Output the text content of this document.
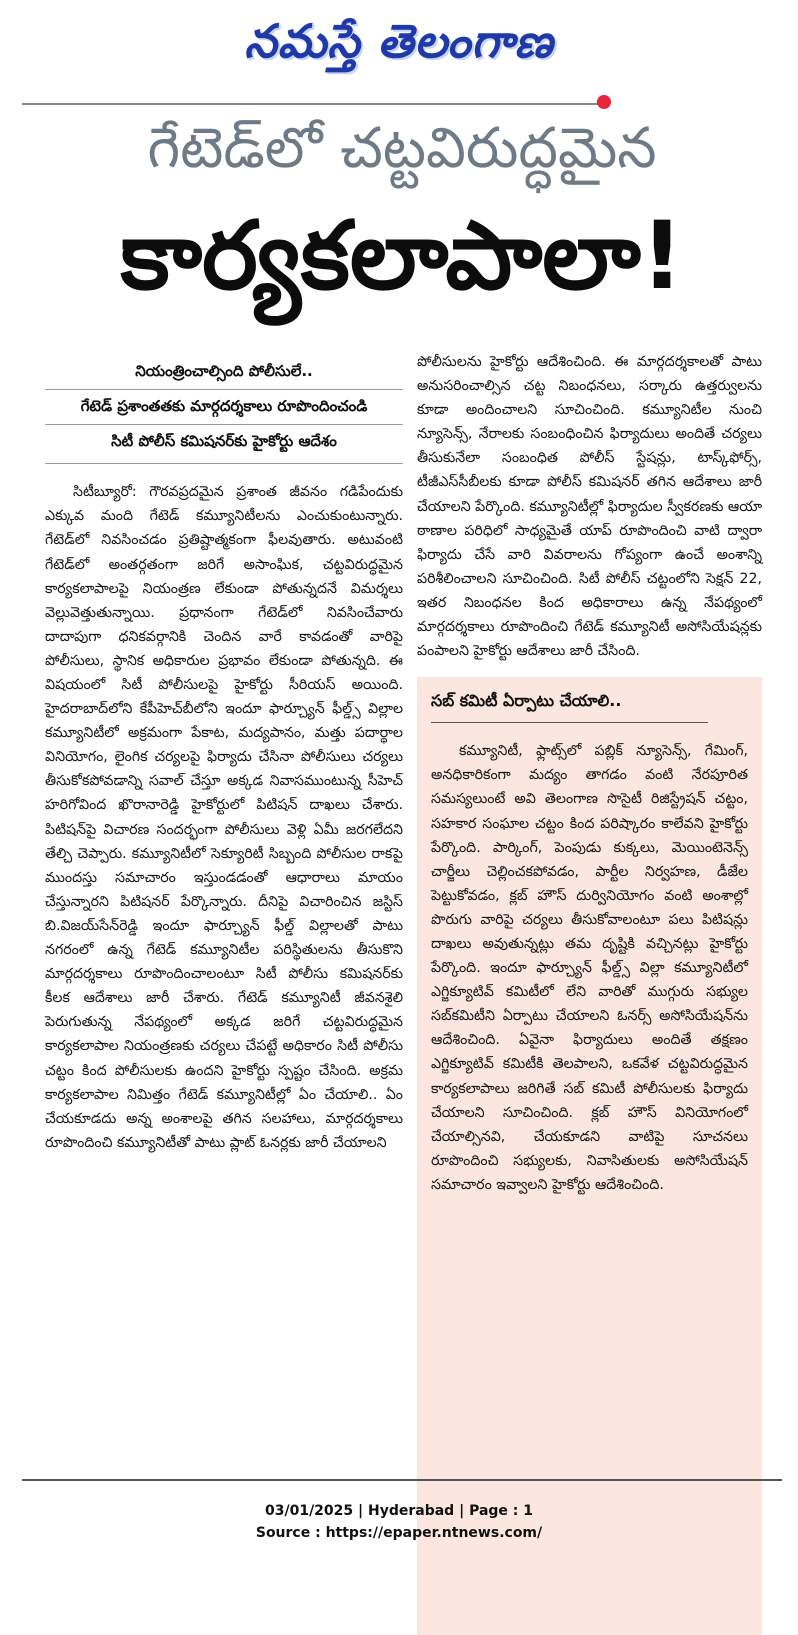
నమస్తే తెలంగాణ
గేటెడ్‌లో చట్టవిరుద్ధమైన
కార్యకలాపాలా!

నియంత్రించాల్సింది పోలీసులే..

గేటెడ్ ప్రశాంతతకు మార్గదర్శకాలు రూపొందించండి

సిటీ పోలీస్ కమిషనర్‌కు హైకోర్టు ఆదేశం

సిటీబ్యూరో: గౌరవప్రదమైన ప్రశాంత జీవనం గడిపేందుకు ఎక్కువ మంది గేటెడ్ కమ్యూనిటీలను ఎంచుకుంటున్నారు. గేటెడ్‌లో నివసించడం ప్రతిష్టాత్మకంగా ఫీలవుతారు. అటువంటి గేటెడ్‌లో అంతర్గతంగా జరిగే అసాంఘిక, చట్టవిరుద్ధమైన కార్యకలాపాలపై నియంత్రణ లేకుండా పోతున్నదనే విమర్శలు వెల్లువెత్తుతున్నాయి. ప్రధానంగా గేటెడ్‌లో నివసించేవారు దాదాపుగా ధనికవర్గానికి చెందిన వారే కావడంతో వారిపై పోలీసులు, స్థానిక అధికారుల ప్రభావం లేకుండా పోతున్నది. ఈ విషయంలో సిటీ పోలీసులపై హైకోర్టు సీరియస్ అయింది. హైదరాబాద్‌లోని కేపీహెచ్‌బీలోని ఇందూ ఫార్చ్యూన్ ఫీల్డ్స్ విల్లాల కమ్యూనిటీలో అక్రమంగా పేకాట, మద్యపానం, మత్తు పదార్థాల వినియోగం, లైంగిక చర్యలపై ఫిర్యాదు చేసినా పోలీసులు చర్యలు తీసుకోకపోవడాన్ని సవాల్ చేస్తూ అక్కడ నివాసముంటున్న సీహెచ్ హరిగోవింద ఖొరానారెడ్డి హైకోర్టులో పిటిషన్ దాఖలు చేశారు. పిటిషన్‌పై విచారణ సందర్భంగా పోలీసులు వెళ్లి ఏమీ జరగలేదని తేల్చి చెప్పారు. కమ్యూనిటీలో సెక్యూరిటీ సిబ్బంది పోలీసుల రాకపై ముందస్తు సమాచారం ఇస్తుండడంతో ఆధారాలు మాయం చేస్తున్నారని పిటిషనర్ పేర్కొన్నారు. దీనిపై విచారించిన జస్టిస్ బి.విజయ్‌సేన్‌రెడ్డి ఇందూ ఫార్చ్యూన్ ఫీల్డ్ విల్లాలతో పాటు నగరంలో ఉన్న గేటెడ్ కమ్యూనిటీల పరిస్థితులను తీసుకొని మార్గదర్శకాలు రూపొందించాలంటూ సిటీ పోలీసు కమిషనర్‌కు కీలక ఆదేశాలు జారీ చేశారు. గేటెడ్ కమ్యూనిటీ జీవనశైలి పెరుగుతున్న నేపథ్యంలో అక్కడ జరిగే చట్టవిరుద్ధమైన కార్యకలాపాల నియంత్రణకు చర్యలు చేపట్టే అధికారం సిటీ పోలీసు చట్టం కింద పోలీసులకు ఉందని హైకోర్టు స్పష్టం చేసింది. అక్రమ కార్యకలాపాల నిమిత్తం గేటెడ్ కమ్యూనిటీల్లో ఏం చేయాలి.. ఏం చేయకూడదు అన్న అంశాలపై తగిన సలహాలు, మార్గదర్శకాలు రూపొందించి కమ్యూనిటీతో పాటు ప్లాట్ ఓనర్లకు జారీ చేయాలని

పోలీసులను హైకోర్టు ఆదేశించింది. ఈ మార్గదర్శకాలతో పాటు అనుసరించాల్సిన చట్ట నిబంధనలు, సర్కారు ఉత్తర్వులను కూడా అందించాలని సూచించింది. కమ్యూనిటీల నుంచి న్యూసెన్స్, నేరాలకు సంబంధించిన ఫిర్యాదులు అందితే చర్యలు తీసుకునేలా సంబంధిత పోలీస్ స్టేషన్లు, టాస్క్‌ఫోర్స్, టీజీఎస్‌సీబీలకు కూడా పోలీస్ కమిషనర్ తగిన ఆదేశాలు జారీ చేయాలని పేర్కొంది. కమ్యూనిటీల్లో ఫిర్యాదుల స్వీకరణకు ఆయా ఠాణాల పరిధిలో సాధ్యమైతే యాప్ రూపొందించి వాటి ద్వారా ఫిర్యాదు చేసే వారి వివరాలను గోప్యంగా ఉంచే అంశాన్ని పరిశీలించాలని సూచించింది. సిటీ పోలీస్ చట్టంలోని సెక్షన్ 22, ఇతర నిబంధనల కింద అధికారాలు ఉన్న నేపథ్యంలో మార్గదర్శకాలు రూపొందించి గేటెడ్ కమ్యూనిటీ అసోసియేషన్లకు పంపాలని హైకోర్టు ఆదేశాలు జారీ చేసింది.

సబ్ కమిటీ ఏర్పాటు చేయాలి..

కమ్యూనిటీ, ఫ్లాట్స్‌లో పబ్లిక్ న్యూసెన్స్, గేమింగ్, అనధికారికంగా మద్యం తాగడం వంటి నేరపూరిత సమస్యలుంటే అవి తెలంగాణ సొసైటీ రిజిస్ట్రేషన్ చట్టం, సహకార సంఘాల చట్టం కింద పరిష్కారం కాలేవని హైకోర్టు పేర్కొంది. పార్కింగ్, పెంపుడు కుక్కలు, మెయింటెనెన్స్ చార్జీలు చెల్లించకపోవడం, పార్టీల నిర్వహణ, డీజేల పెట్టుకోవడం, క్లబ్ హౌస్ దుర్వినియోగం వంటి అంశాల్లో పొరుగు వారిపై చర్యలు తీసుకోవాలంటూ పలు పిటిషన్లు దాఖలు అవుతున్నట్లు తమ దృష్టికి వచ్చినట్లు హైకోర్టు పేర్కొంది. ఇందూ ఫార్చ్యూన్ ఫీల్డ్స్ విల్లా కమ్యూనిటీలో ఎగ్జిక్యూటివ్ కమిటీలో లేని వారితో ముగ్గురు సభ్యుల సబ్‌కమిటీని ఏర్పాటు చేయాలని ఓనర్స్ అసోసియేషన్‌ను ఆదేశించింది. ఏవైనా ఫిర్యాదులు అందితే తక్షణం ఎగ్జిక్యూటివ్ కమిటీకి తెలపాలని, ఒకవేళ చట్టవిరుద్ధమైన కార్యకలాపాలు జరిగితే సబ్ కమిటీ పోలీసులకు ఫిర్యాదు చేయాలని సూచించింది. క్లబ్ హౌస్ వినియోగంలో చేయాల్సినవి, చేయకూడని వాటిపై సూచనలు రూపొందించి సభ్యులకు, నివాసితులకు అసోసియేషన్ సమాచారం ఇవ్వాలని హైకోర్టు ఆదేశించింది.

03/01/2025 | Hyderabad | Page : 1
Source : https://epaper.ntnews.com/
